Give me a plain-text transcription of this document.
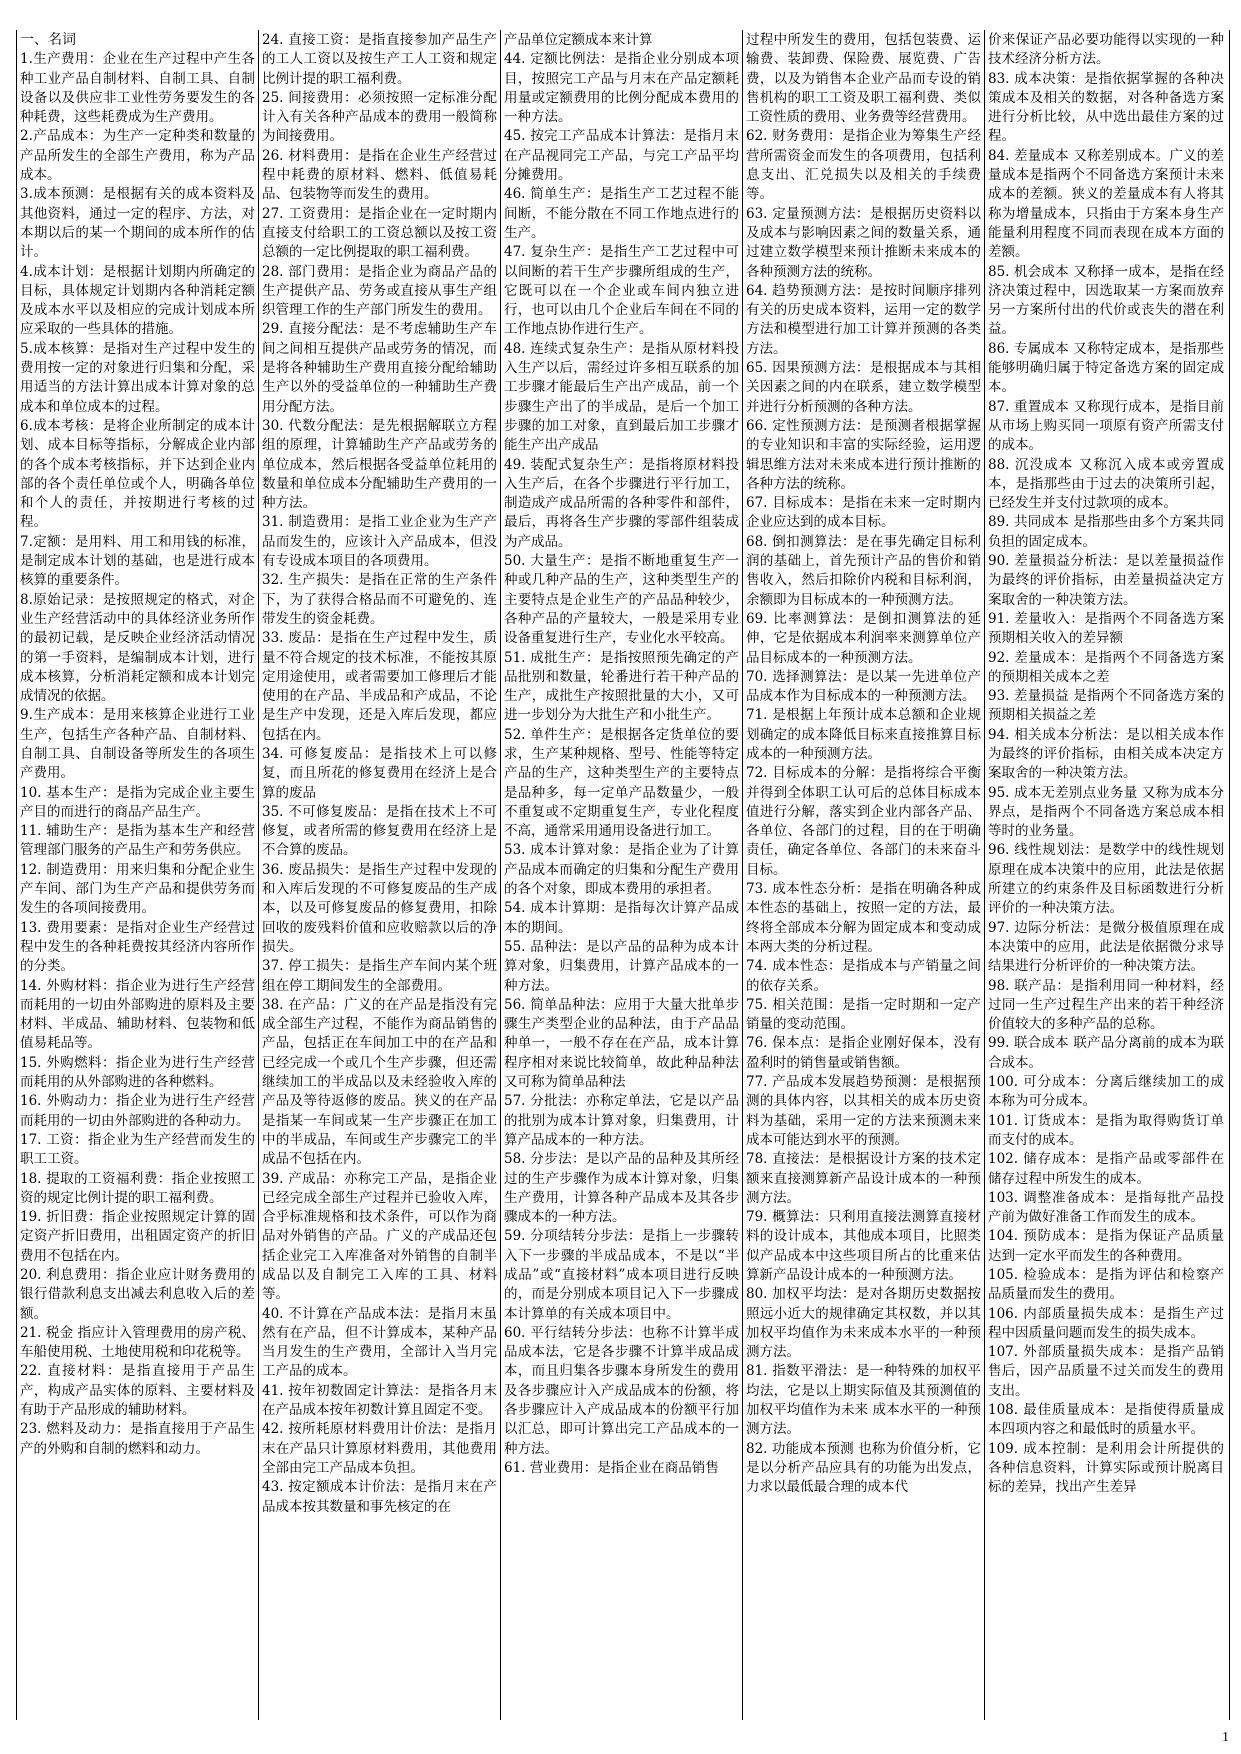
一、名词

1.生产费用：企业在生产过程中产生各种工业产品自制材料、自制工具、自制设备以及供应非工业性劳务要发生的各种耗费，这些耗费成为生产费用。

2.产品成本：为生产一定种类和数量的产品所发生的全部生产费用，称为产品成本。

3.成本预测：是根据有关的成本资料及其他资料，通过一定的程序、方法，对本期以后的某一个期间的成本所作的估计。

4.成本计划：是根据计划期内所确定的目标，具体规定计划期内各种消耗定额及成本水平以及相应的完成计划成本所应采取的一些具体的措施。

5.成本核算：是指对生产过程中发生的费用按一定的对象进行归集和分配，采用适当的方法计算出成本计算对象的总成本和单位成本的过程。

6.成本考核：是将企业所制定的成本计划、成本目标等指标，分解成企业内部的各个成本考核指标，并下达到企业内部的各个责任单位或个人，明确各单位和个人的责任，并按期进行考核的过程。

7.定额：是用料、用工和用钱的标准，是制定成本计划的基础，也是进行成本核算的重要条件。

8.原始记录：是按照规定的格式，对企业生产经营活动中的具体经济业务所作的最初记载，是反映企业经济活动情况的第一手资料，是编制成本计划，进行成本核算，分析消耗定额和成本计划完成情况的依据。

9.生产成本：是用来核算企业进行工业生产，包括生产各种产品、自制材料、自制工具、自制设备等所发生的各项生产费用。

10. 基本生产：是指为完成企业主要生产目的而进行的商品产品生产。

11. 辅助生产：是指为基本生产和经营管理部门服务的产品生产和劳务供应。

12. 制造费用：用来归集和分配企业生产车间、部门为生产产品和提供劳务而发生的各项间接费用。

13. 费用要素：是指对企业生产经营过程中发生的各种耗费按其经济内容所作的分类。

14. 外购材料：指企业为进行生产经营而耗用的一切由外部购进的原料及主要材料、半成品、辅助材料、包装物和低值易耗品等。

15. 外购燃料：指企业为进行生产经营而耗用的从外部购进的各种燃料。

16. 外购动力：指企业为进行生产经营而耗用的一切由外部购进的各种动力。

17. 工资：指企业为生产经营而发生的职工工资。

18. 提取的工资福利费：指企业按照工资的规定比例计提的职工福利费。

19. 折旧费：指企业按照规定计算的固定资产折旧费用，出租固定资产的折旧费用不包括在内。

20. 利息费用：指企业应计财务费用的银行借款利息支出减去利息收入后的差额。

21. 税金 指应计入管理费用的房产税、车船使用税、土地使用税和印花税等。

22. 直接材料：是指直接用于产品生产，构成产品实体的原料、主要材料及有助于产品形成的辅助材料。

23. 燃料及动力：是指直接用于产品生产的外购和自制的燃料和动力。

24. 直接工资：是指直接参加产品生产的工人工资以及按生产工人工资和规定比例计提的职工福利费。

25. 间接费用：必须按照一定标准分配计入有关各种产品成本的费用一般简称为间接费用。

26. 材料费用：是指在企业生产经营过程中耗费的原材料、燃料、低值易耗品、包装物等而发生的费用。

27. 工资费用：是指企业在一定时期内直接支付给职工的工资总额以及按工资总额的一定比例提取的职工福利费。

28. 部门费用：是指企业为商品产品的生产提供产品、劳务或直接从事生产组织管理工作的生产部门所发生的费用。

29. 直接分配法：是不考虑辅助生产车间之间相互提供产品或劳务的情况，而是将各种辅助生产费用直接分配给辅助生产以外的受益单位的一种辅助生产费用分配方法。

30. 代数分配法：是先根据解联立方程组的原理，计算辅助生产产品或劳务的单位成本，然后根据各受益单位耗用的数量和单位成本分配辅助生产费用的一种方法。

31. 制造费用：是指工业企业为生产产品而发生的，应该计入产品成本，但没有专设成本项目的各项费用。

32. 生产损失：是指在正常的生产条件下，为了获得合格品而不可避免的、连带发生的资金耗费。

33. 废品：是指在生产过程中发生，质量不符合规定的技术标准，不能按其原定用途使用，或者需要加工修理后才能使用的在产品、半成品和产成品，不论是生产中发现，还是入库后发现，都应包括在内。

34. 可修复废品：是指技术上可以修复，而且所花的修复费用在经济上是合算的废品

35. 不可修复废品：是指在技术上不可修复，或者所需的修复费用在经济上是不合算的废品。

36. 废品损失：是指生产过程中发现的和入库后发现的不可修复废品的生产成本，以及可修复废品的修复费用，扣除回收的废残料价值和应收赔款以后的净损失。

37. 停工损失：是指生产车间内某个班组在停工期间发生的全部费用。

38. 在产品：广义的在产品是指没有完成全部生产过程，不能作为商品销售的产品，包括正在车间加工中的在产品和已经完成一个或几个生产步骤，但还需继续加工的半成品以及未经验收入库的产品及等待返修的废品。狭义的在产品是指某一车间或某一生产步骤正在加工中的半成品，车间或生产步骤完工的半成品不包括在内。

39. 产成品：亦称完工产品，是指企业已经完成全部生产过程并已验收入库，合乎标准规格和技术条件，可以作为商品对外销售的产品。广义的产成品还包括企业完工入库准备对外销售的自制半成品以及自制完工入库的工具、材料等。

40. 不计算在产品成本法：是指月末虽然有在产品，但不计算成本，某种产品当月发生的生产费用，全部计入当月完工产品的成本。

41. 按年初数固定计算法：是指各月末在产品成本按年初数计算且固定不变。

42. 按所耗原材料费用计价法：是指月末在产品只计算原材料费用，其他费用全部由完工产品成本负担。

43. 按定额成本计价法：是指月末在产品成本按其数量和事先核定的在

产品单位定额成本来计算

44. 定额比例法：是指企业分别成本项目，按照完工产品与月末在产品定额耗用量或定额费用的比例分配成本费用的一种方法。

45. 按完工产品成本计算法：是指月末在产品视同完工产品，与完工产品平均分摊费用。

46. 简单生产：是指生产工艺过程不能间断，不能分散在不同工作地点进行的生产。

47. 复杂生产：是指生产工艺过程中可以间断的若干生产步骤所组成的生产，它既可以在一个企业或车间内独立进行，也可以由几个企业后车间在不同的工作地点协作进行生产。

48. 连续式复杂生产：是指从原材料投入生产以后，需经过许多相互联系的加工步骤才能最后生产出产成品，前一个步骤生产出了的半成品，是后一个加工步骤的加工对象，直到最后加工步骤才能生产出产成品

49. 装配式复杂生产：是指将原材料投入生产后，在各个步骤进行平行加工，制造成产成品所需的各种零件和部件，最后，再将各生产步骤的零部件组装成为产成品。

50. 大量生产：是指不断地重复生产一种或几种产品的生产，这种类型生产的主要特点是企业生产的产品品种较少，各种产品的产量较大，一般是采用专业设备重复进行生产，专业化水平较高。

51. 成批生产：是指按照预先确定的产品批别和数量，轮番进行若干种产品的生产，成批生产按照批量的大小，又可进一步划分为大批生产和小批生产。

52. 单件生产：是根据各定货单位的要求，生产某种规格、型号、性能等特定产品的生产，这种类型生产的主要特点是品种多，每一定单产品数量少，一般不重复或不定期重复生产，专业化程度不高，通常采用通用设备进行加工。

53. 成本计算对象：是指企业为了计算产品成本而确定的归集和分配生产费用的各个对象，即成本费用的承担者。

54. 成本计算期：是指每次计算产品成本的期间。

55. 品种法：是以产品的品种为成本计算对象，归集费用，计算产品成本的一种方法。

56. 简单品种法：应用于大量大批单步骤生产类型企业的品种法，由于产品品种单一，一般不存在在产品，成本计算程序相对来说比较简单，故此种品种法又可称为简单品种法

57. 分批法：亦称定单法，它是以产品的批别为成本计算对象，归集费用，计算产品成本的一种方法。

58. 分步法：是以产品的品种及其所经过的生产步骤作为成本计算对象，归集生产费用，计算各种产品成本及其各步骤成本的一种方法。

59. 分项结转分步法：是指上一步骤转入下一步骤的半成品成本，不是以“半成品”或“直接材料”成本项目进行反映的，而是分别成本项目记入下一步骤成本计算单的有关成本项目中。

60. 平行结转分步法：也称不计算半成品成本法，它是各步骤不计算半成品成本，而且归集各步骤本身所发生的费用及各步骤应计入产成品成本的份额，将各步骤应计入产成品成本的份额平行加以汇总，即可计算出完工产品成本的一种方法。

61. 营业费用：是指企业在商品销售

过程中所发生的费用，包括包装费、运输费、装卸费、保险费、展览费、广告费，以及为销售本企业产品而专设的销售机构的职工工资及职工福利费、类似工资性质的费用、业务费等经营费用。

62. 财务费用：是指企业为筹集生产经营所需资金而发生的各项费用，包括利息支出、汇兑损失以及相关的手续费等。

63. 定量预测方法：是根据历史资料以及成本与影响因素之间的数量关系，通过建立数学模型来预计推断未来成本的各种预测方法的统称。

64. 趋势预测方法：是按时间顺序排列有关的历史成本资料，运用一定的数学方法和模型进行加工计算并预测的各类方法。

65. 因果预测方法：是根据成本与其相关因素之间的内在联系，建立数学模型并进行分析预测的各种方法。

66. 定性预测方法：是预测者根据掌握的专业知识和丰富的实际经验，运用逻辑思维方法对未来成本进行预计推断的各种方法的统称。

67. 目标成本：是指在未来一定时期内企业应达到的成本目标。

68. 倒扣测算法：是在事先确定目标利润的基础上，首先预计产品的售价和销售收入，然后扣除价内税和目标利润，余额即为目标成本的一种预测方法。

69. 比率测算法：是倒扣测算法的延伸，它是依据成本利润率来测算单位产品目标成本的一种预测方法。

70. 选择测算法：是以某一先进单位产品成本作为目标成本的一种预测方法。

71. 是根据上年预计成本总额和企业规划确定的成本降低目标来直接推算目标成本的一种预测方法。

72. 目标成本的分解：是指将综合平衡并得到全体职工认可后的总体目标成本值进行分解，落实到企业内部各产品、各单位、各部门的过程，目的在于明确责任，确定各单位、各部门的未来奋斗目标。

73. 成本性态分析：是指在明确各种成本性态的基础上，按照一定的方法，最终将全部成本分解为固定成本和变动成本两大类的分析过程。

74. 成本性态：是指成本与产销量之间的依存关系。

75. 相关范围：是指一定时期和一定产销量的变动范围。

76. 保本点：是指企业刚好保本，没有盈利时的销售量或销售额。

77. 产品成本发展趋势预测：是根据预测的具体内容，以其相关的成本历史资料为基础，采用一定的方法来预测未来成本可能达到水平的预测。

78. 直接法：是根据设计方案的技术定额来直接测算新产品设计成本的一种预测方法。

79. 概算法：只利用直接法测算直接材料的设计成本，其他成本项目，比照类似产品成本中这些项目所占的比重来估算新产品设计成本的一种预测方法。

80. 加权平均法：是对各期历史数据按照远小近大的规律确定其权数，并以其加权平均值作为未来成本水平的一种预测方法。

81. 指数平滑法：是一种特殊的加权平均法，它是以上期实际值及其预测值的加权平均值作为未来 成本水平的一种预测方法。

82. 功能成本预测 也称为价值分析，它是以分析产品应具有的功能为出发点，力求以最低最合理的成本代

价来保证产品必要功能得以实现的一种技术经济分析方法。

83. 成本决策：是指依据掌握的各种决策成本及相关的数据，对各种备选方案进行分析比较，从中选出最佳方案的过程。

84. 差量成本 又称差别成本。广义的差量成本是指两个不同备选方案预计未来成本的差额。狭义的差量成本有人将其称为增量成本，只指由于方案本身生产能量利用程度不同而表现在成本方面的差额。

85. 机会成本 又称择一成本，是指在经济决策过程中，因选取某一方案而放弃另一方案所付出的代价或丧失的潜在利益。

86. 专属成本 又称特定成本，是指那些能够明确归属于特定备选方案的固定成本。

87. 重置成本 又称现行成本，是指目前从市场上购买同一项原有资产所需支付的成本。

88. 沉没成本 又称沉入成本或旁置成本，是指那些由于过去的决策所引起，已经发生并支付过款项的成本。

89. 共同成本 是指那些由多个方案共同负担的固定成本。

90. 差量损益分析法：是以差量损益作为最终的评价指标，由差量损益决定方案取舍的一种决策方法。

91. 差量收入：是指两个不同备选方案预期相关收入的差异额

92. 差量成本：是指两个不同备选方案的预期相关成本之差

93. 差量损益 是指两个不同备选方案的预期相关损益之差

94. 相关成本分析法：是以相关成本作为最终的评价指标，由相关成本决定方案取舍的一种决策方法。

95. 成本无差别点业务量 又称为成本分界点，是指两个不同备选方案总成本相等时的业务量。

96. 线性规划法：是数学中的线性规划原理在成本决策中的应用，此法是依据所建立的约束条件及目标函数进行分析评价的一种决策方法。

97. 边际分析法：是微分极值原理在成本决策中的应用，此法是依据微分求导结果进行分析评价的一种决策方法。

98. 联产品：是指利用同一种材料，经过同一生产过程生产出来的若干种经济价值较大的多种产品的总称。

99. 联合成本 联产品分离前的成本为联合成本。

100. 可分成本：分离后继续加工的成本称为可分成本。

101. 订货成本：是指为取得购货订单而支付的成本。

102. 储存成本：是指产品或零部件在储存过程中所发生的成本。

103. 调整准备成本：是指每批产品投产前为做好准备工作而发生的成本。

104. 预防成本：是指为保证产品质量达到一定水平而发生的各种费用。

105. 检验成本：是指为评估和检察产品质量而发生的费用。

106. 内部质量损失成本：是指生产过程中因质量问题而发生的损失成本。

107. 外部质量损失成本：是指产品销售后，因产品质量不过关而发生的费用支出。

108. 最佳质量成本：是指使得质量成本四项内容之和最低时的质量水平。

109. 成本控制：是利用会计所提供的各种信息资料，计算实际或预计脱离目标的差异，找出产生差异

1
